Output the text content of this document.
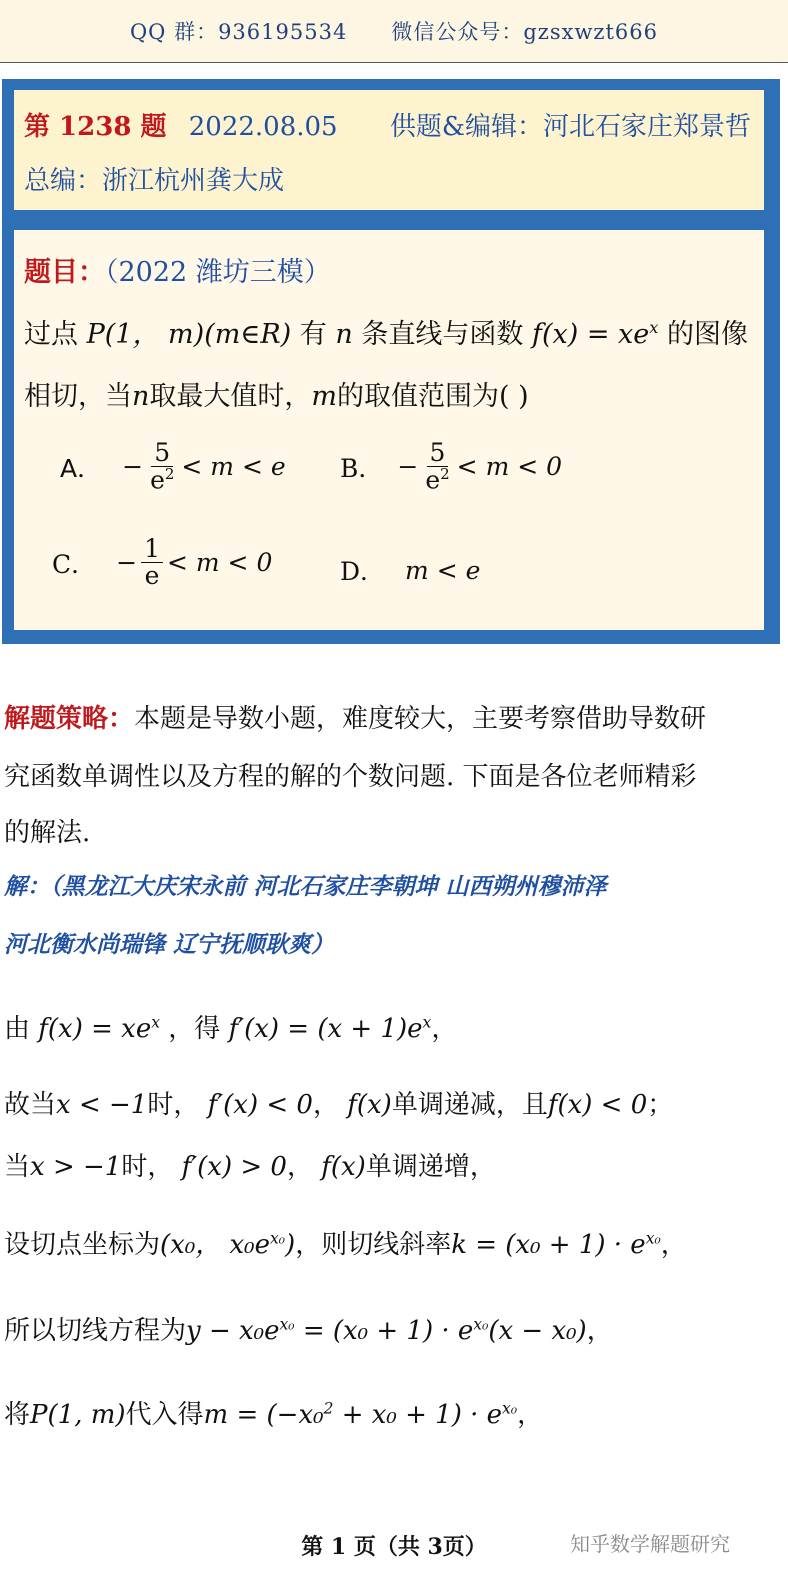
QQ 群：936195534 微信公众号：gzsxwzt666
第 1238 题 2022.08.05 供题&编辑：河北石家庄郑景哲
总编：浙江杭州龚大成
题目：（2022 潍坊三模）
过点 P(1， m)(m∈R) 有 n 条直线与函数 $f(x) = xe^x$ 的图像
相切，当n取最大值时，m的取值范围为( )
A． − $\frac{5}{e^2} < m < e$ B． − $\frac{5}{e^2} < m < 0$
C． − $\frac{1}{e} < m < 0$	D． m < e
解题策略：本题是导数小题，难度较大，主要考察借助导数研
究函数单调性以及方程的解的个数问题. 下面是各位老师精彩
的解法.
解：（黑龙江大庆宋永前 河北石家庄李朝坤 山西朔州穆沛泽
河北衡水尚瑞锋 辽宁抚顺耿爽）
由 $f(x) = xe^x$ ，得 $f'(x) = (x + 1)e^x$，
故当x < −1时， f′(x) < 0， f(x)单调递减，且f(x) < 0；
当x > −1时， f′(x) > 0， f(x)单调递增，
设切点坐标为(x₀， $x_0e^{x_0}$)，则切线斜率$k = (x_0 + 1) \cdot e^{x_0}$，
所以切线方程为$y - x_0e^{x_0} = (x_0 + 1) \cdot e^{x_0}(x - x_0)$，
将P(1, m)代入得$m = (-x_0^2 + x_0 + 1) \cdot e^{x_0}$，
第 1 页（共 3页）	知乎数学解题研究
